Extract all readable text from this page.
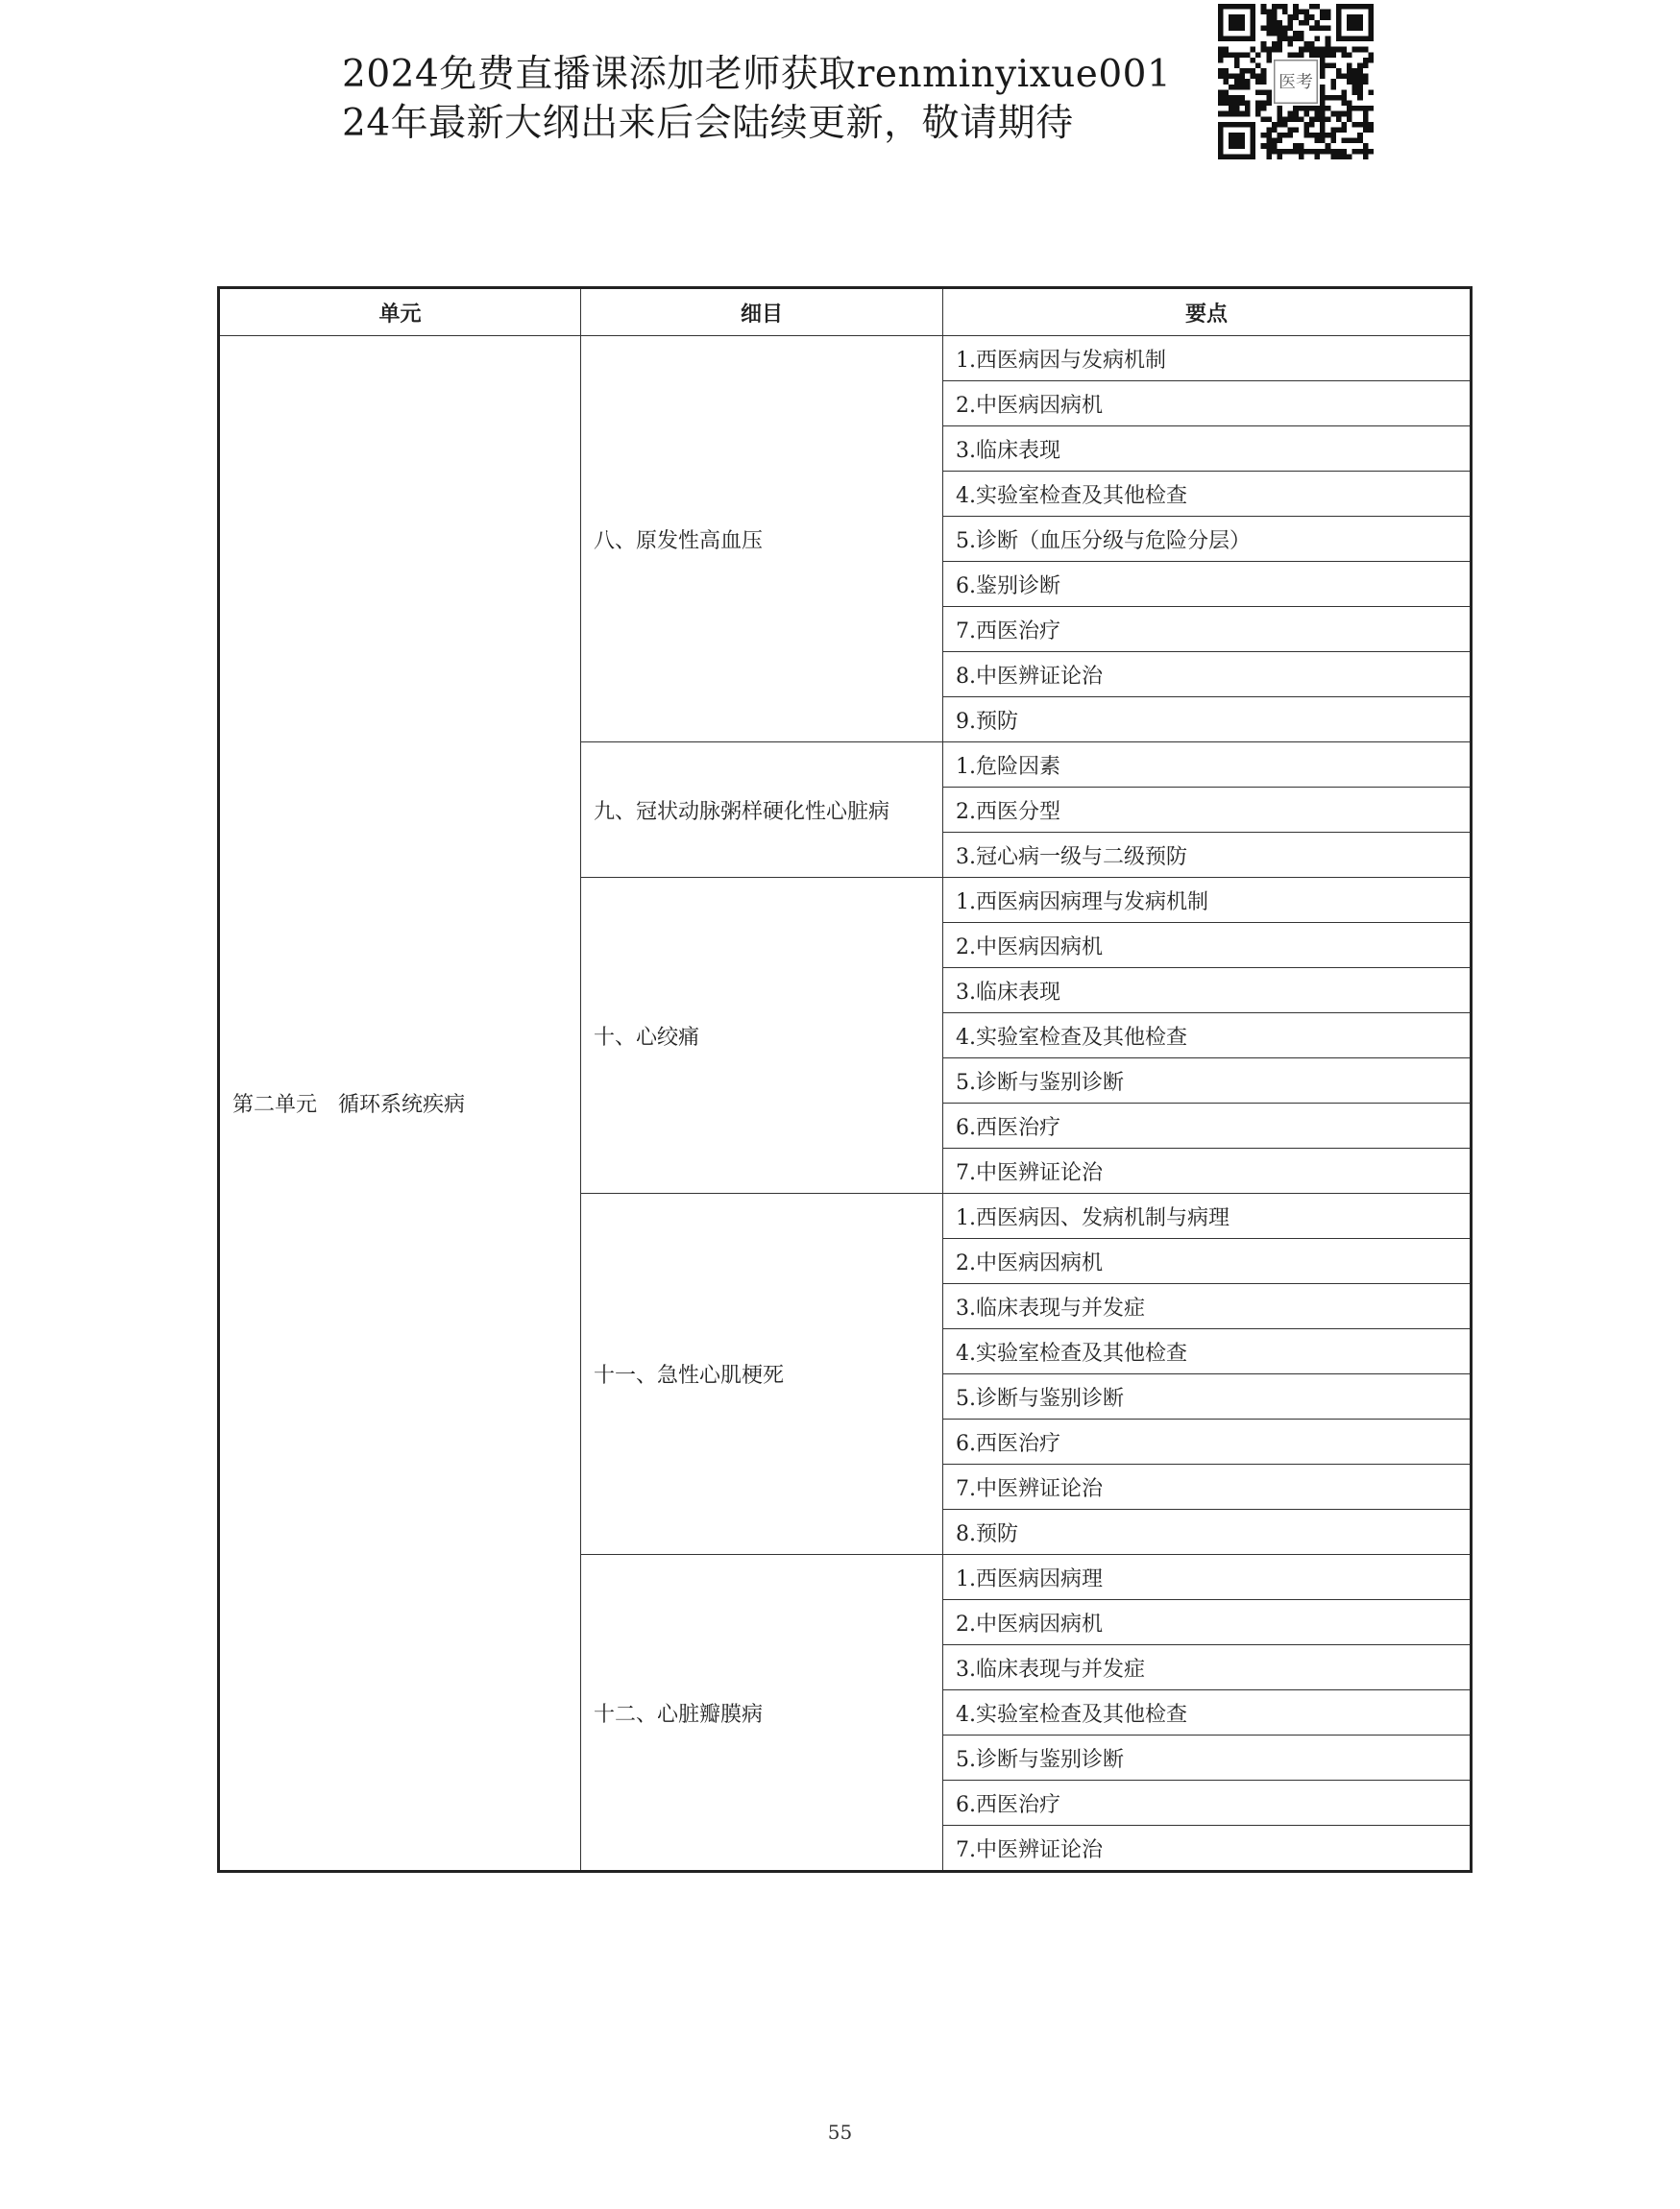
2024免费直播课添加老师获取renminyixue001
24年最新大纲出来后会陆续更新，敬请期待
医考
单元	细目	要点
第二单元　循环系统疾病	八、原发性高血压	1.西医病因与发病机制
		2.中医病因病机
		3.临床表现
		4.实验室检查及其他检查
		5.诊断（血压分级与危险分层）
		6.鉴别诊断
		7.西医治疗
		8.中医辨证论治
		9.预防
	九、冠状动脉粥样硬化性心脏病	1.危险因素
		2.西医分型
		3.冠心病一级与二级预防
	十、心绞痛	1.西医病因病理与发病机制
		2.中医病因病机
		3.临床表现
		4.实验室检查及其他检查
		5.诊断与鉴别诊断
		6.西医治疗
		7.中医辨证论治
	十一、急性心肌梗死	1.西医病因、发病机制与病理
		2.中医病因病机
		3.临床表现与并发症
		4.实验室检查及其他检查
		5.诊断与鉴别诊断
		6.西医治疗
		7.中医辨证论治
		8.预防
	十二、心脏瓣膜病	1.西医病因病理
		2.中医病因病机
		3.临床表现与并发症
		4.实验室检查及其他检查
		5.诊断与鉴别诊断
		6.西医治疗
		7.中医辨证论治
55
